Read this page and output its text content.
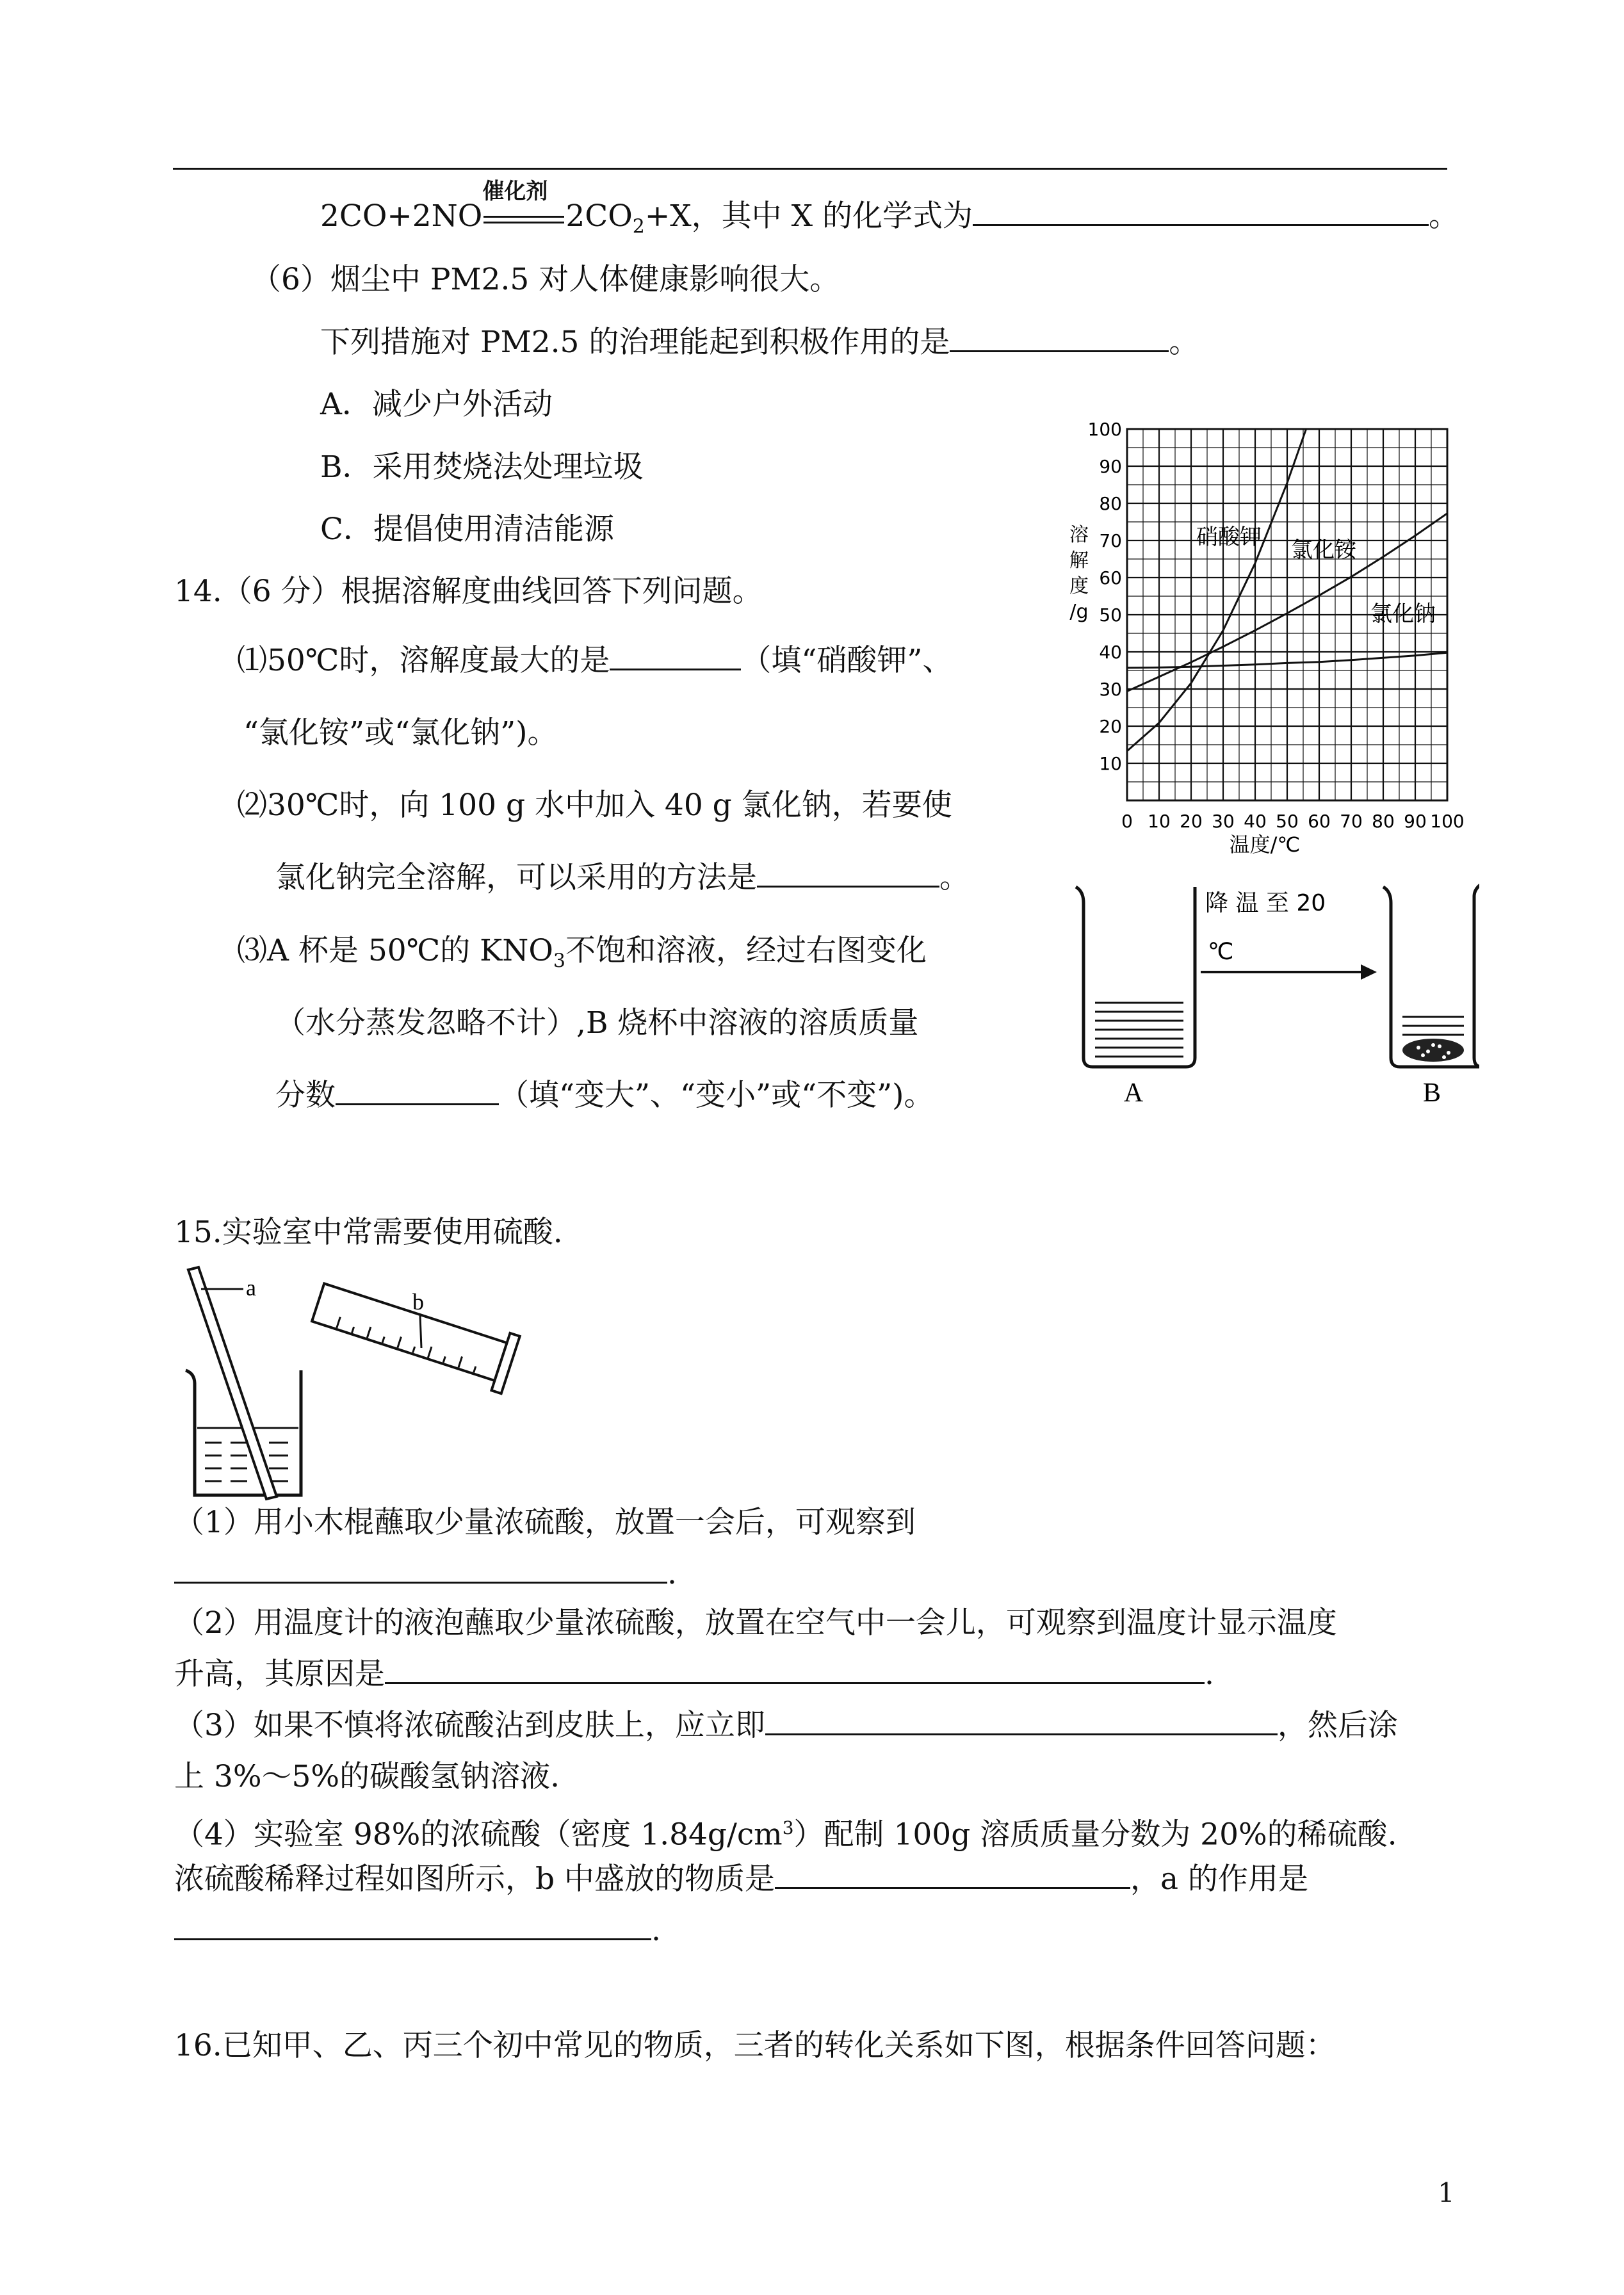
2CO+2NO
催化剂
$2CO_2+X$，其中 X 的化学式为	。
（6）烟尘中 PM2.5 对人体健康影响很大。
下列措施对 PM2.5 的治理能起到积极作用的是	。
A．减少户外活动
B．采用焚烧法处理垃圾
C．提倡使用清洁能源
14.（6 分）根据溶解度曲线回答下列问题。
⑴50℃时，溶解度最大的是	（填“硝酸钾”、
“氯化铵”或“氯化钠”)。
⑵30℃时，向 100 g 水中加入 40 g 氯化钠，若要使
氯化钠完全溶解，可以采用的方法是	。
⑶A 杯是 50℃的 $KNO_3$不饱和溶液，经过右图变化
（水分蒸发忽略不计）,B 烧杯中溶液的溶质质量
分数	（填“变大”、“变小”或“不变”)。
0 10 20 30 40 50 60 70 80 90 100
10
20
30
40
50
60
70
80
90
100
溶
解
度
/g
温度/℃
硝酸钾 氯化铵
氯化钠
A
降 温 至 20
℃
B
15.实验室中常需要使用硫酸.
a
b
（1）用小木棍蘸取少量浓硫酸，放置一会后，可观察到
.
（2）用温度计的液泡蘸取少量浓硫酸，放置在空气中一会儿，可观察到温度计显示温度
升高，其原因是	.
（3）如果不慎将浓硫酸沾到皮肤上，应立即	，然后涂
上 3%～5%的碳酸氢钠溶液.
（4）实验室 98%的浓硫酸（密度 $1.84g/cm^3$）配制 100g 溶质质量分数为 20%的稀硫酸.
浓硫酸稀释过程如图所示，b 中盛放的物质是	，a 的作用是
.
16.已知甲、乙、丙三个初中常见的物质，三者的转化关系如下图，根据条件回答问题：
1
